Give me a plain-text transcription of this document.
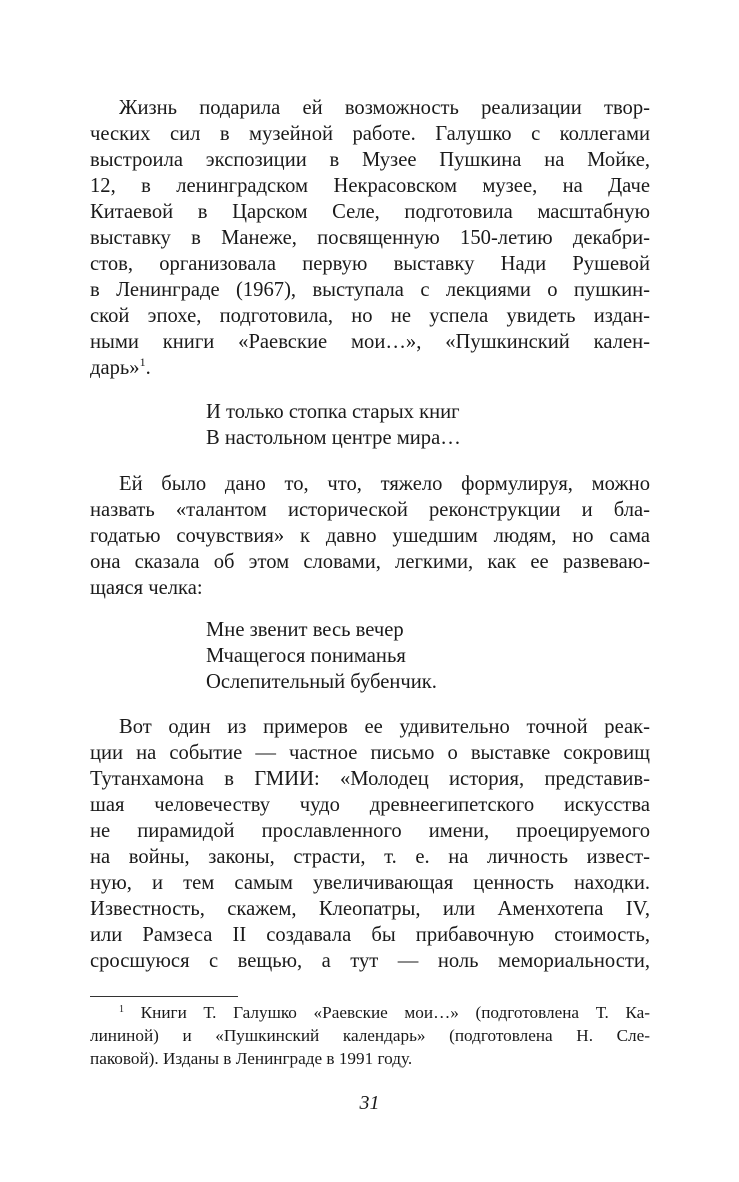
Жизнь подарила ей возможность реализации твор-
ческих сил в музейной работе. Галушко с коллегами
выстроила экспозиции в Музее Пушкина на Мойке,
12, в ленинградском Некрасовском музее, на Даче
Китаевой в Царском Селе, подготовила масштабную
выставку в Манеже, посвященную 150-летию декабри-
стов, организовала первую выставку Нади Рушевой
в Ленинграде (1967), выступала с лекциями о пушкин-
ской эпохе, подготовила, но не успела увидеть издан-
ными книги «Раевские мои…», «Пушкинский кален-
дарь»$^1$.

И только стопка старых книг
В настольном центре мира…

Ей было дано то, что, тяжело формулируя, можно
назвать «талантом исторической реконструкции и бла-
годатью сочувствия» к давно ушедшим людям, но сама
она сказала об этом словами, легкими, как ее развеваю-
щаяся челка:

Мне звенит весь вечер
Мчащегося пониманья
Ослепительный бубенчик.

Вот один из примеров ее удивительно точной реак-
ции на событие — частное письмо о выставке сокровищ
Тутанхамона в ГМИИ: «Молодец история, представив-
шая человечеству чудо древнеегипетского искусства
не пирамидой прославленного имени, проецируемого
на войны, законы, страсти, т. е. на личность извест-
ную, и тем самым увеличивающая ценность находки.
Известность, скажем, Клеопатры, или Аменхотепа IV,
или Рамзеса II создавала бы прибавочную стоимость,
сросшуюся с вещью, а тут — ноль мемориальности,

$^1$ Книги Т. Галушко «Раевские мои…» (подготовлена Т. Ка-
лининой) и «Пушкинский календарь» (подготовлена Н. Сле-
паковой). Изданы в Ленинграде в 1991 году.
31
